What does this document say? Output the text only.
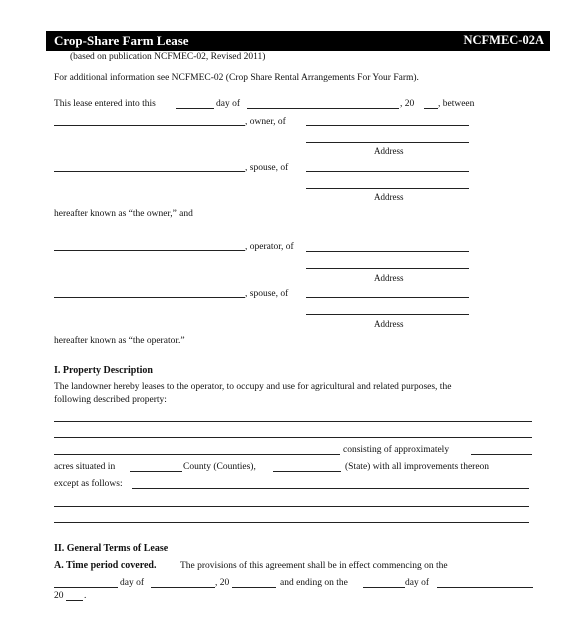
Crop-Share Farm Lease	NCFMEC-02A
(based on publication NCFMEC-02, Revised 2011)
For additional information see NCFMEC-02 (Crop Share Rental Arrangements For Your Farm).
This lease entered into this	day of	, 20	, between
, owner, of
Address
, spouse, of
Address
hereafter known as “the owner,” and
, operator, of
Address
, spouse, of
Address
hereafter known as “the operator.”
I. Property Description
The landowner hereby leases to the operator, to occupy and use for agricultural and related purposes, the
following described property:
consisting of approximately
acres situated in	County (Counties),	(State) with all improvements thereon
except as follows:
II. General Terms of Lease
A. Time period covered. The provisions of this agreement shall be in effect commencing on the
day of	, 20	and ending on the	day of
20 .
